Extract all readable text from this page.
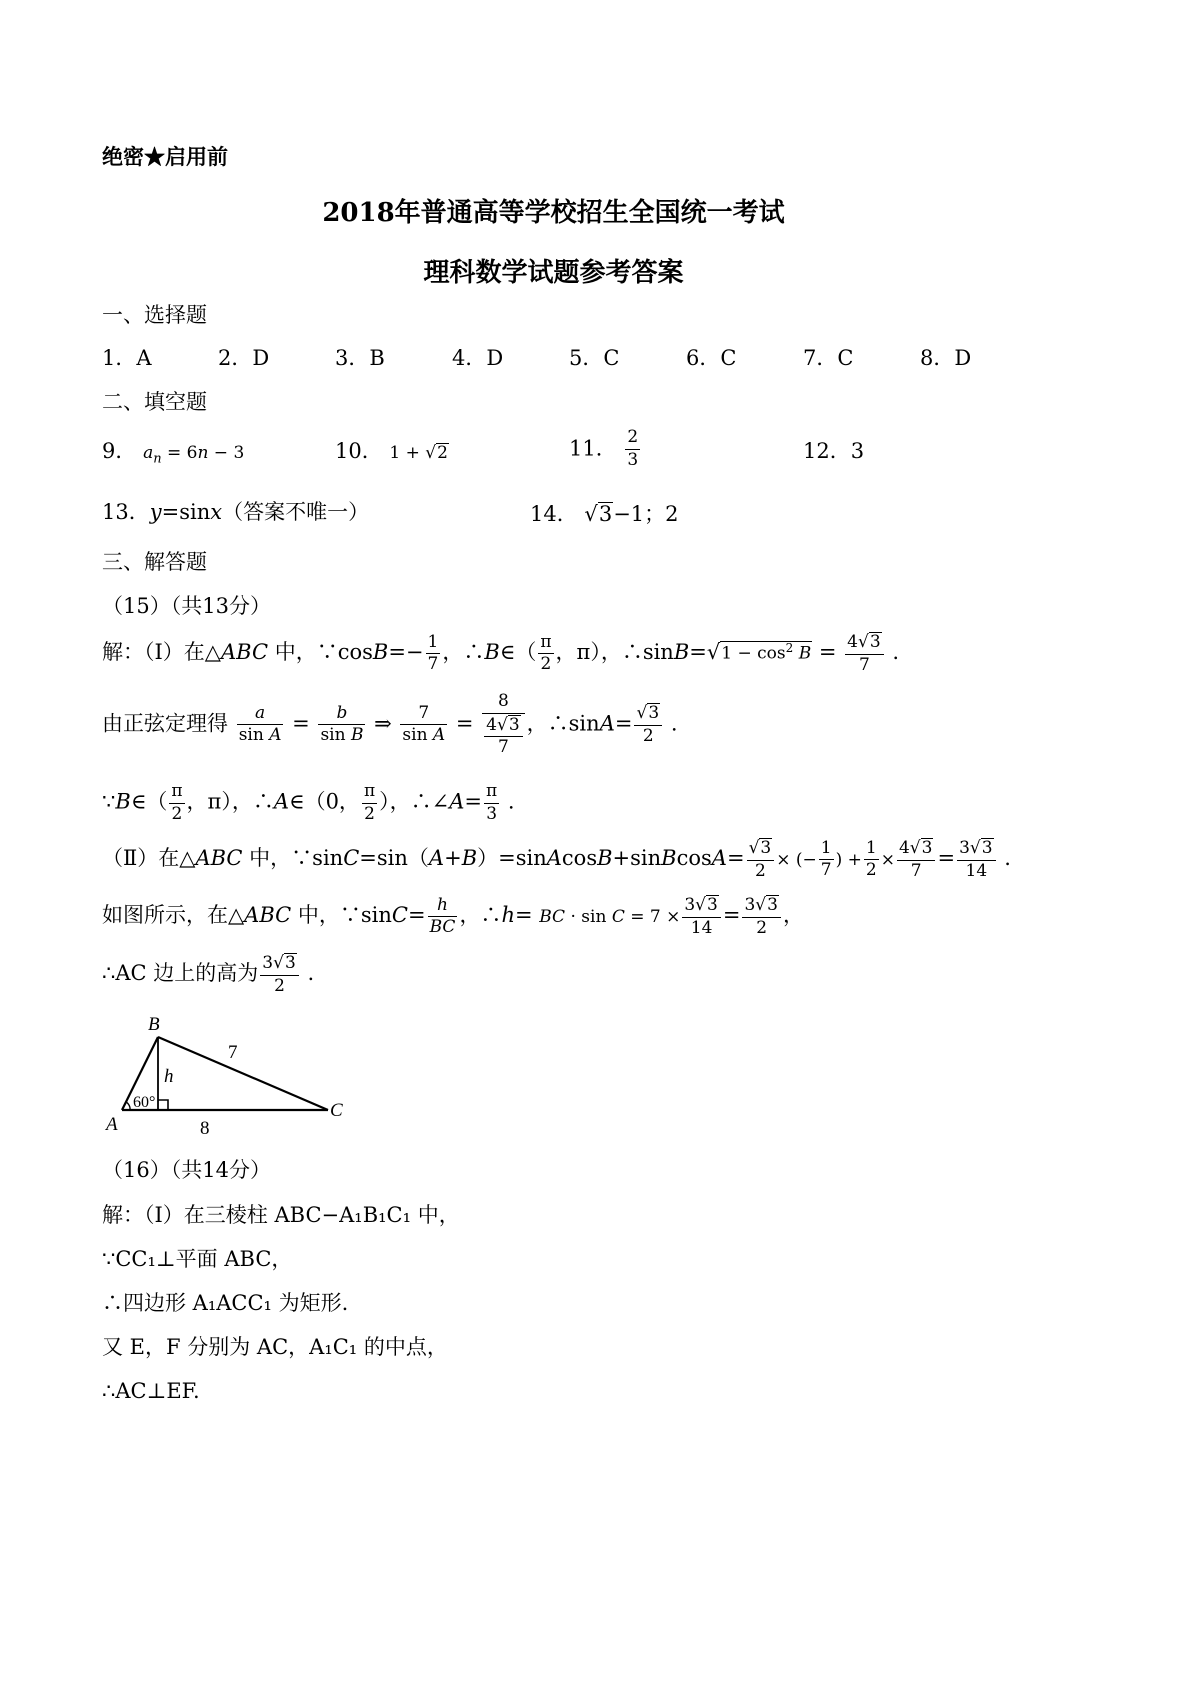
绝密★启用前
2018年普通高等学校招生全国统一考试
理科数学试题参考答案
一、选择题
1．A	2．D	3．B	4．D	5．C	6．C	7．C	8．D
二、填空题
9． $a_n = 6n - 3$	10． 1 + √2	11． $\frac{2}{3}$	12．3
13．y=sinx（答案不唯一）	14． √3−1；2
三、解答题
（15）（共13分）
解：（Ⅰ）在△ABC 中，∵cosB=− $\frac{1}{7}$ ，∴B∈（ $\frac{\pi}{2}$ ，π），∴sinB=√1 − $\cos^2 B = \frac{4√3}{7}$ .
由正弦定理得 $\frac{a}{\text{sin A}} = \frac{b}{\text{sin B}}$ ⇒ $\frac{7}{\text{sin A}} = \frac{8}{\frac{4√3}{7}}$ ，∴sinA= $\frac{√3}{2}$ .
∵B∈（ $\frac{\pi}{2}$ ，π），∴A∈（0， $\frac{\pi}{2}$ ），∴∠A= $\frac{\pi}{3}$ .
（Ⅱ）在△ABC 中，∵sinC=sin（A+B）=sinAcosB+sinBcosA= $\frac{√3}{2}$ × (− $\frac{1}{7}$ ) + $\frac{1}{2} \times \frac{4√3}{7} = \frac{3√3}{14}$ .
如图所示，在△ABC 中，∵sinC= $\frac{h}{BC}$ ，∴h= BC · $\sin C = 7 \times \frac{3√3}{14} = \frac{3√3}{2}$ ，
∴AC 边上的高为 $\frac{3√3}{2}$ .
B
A
C
h
60°
7
8
（16）（共14分）
解：（Ⅰ）在三棱柱 ABC−A₁B₁C₁ 中，
∵CC₁⊥平面 ABC，
∴四边形 A₁ACC₁ 为矩形.
又 E，F 分别为 AC，A₁C₁ 的中点，
∴AC⊥EF.
